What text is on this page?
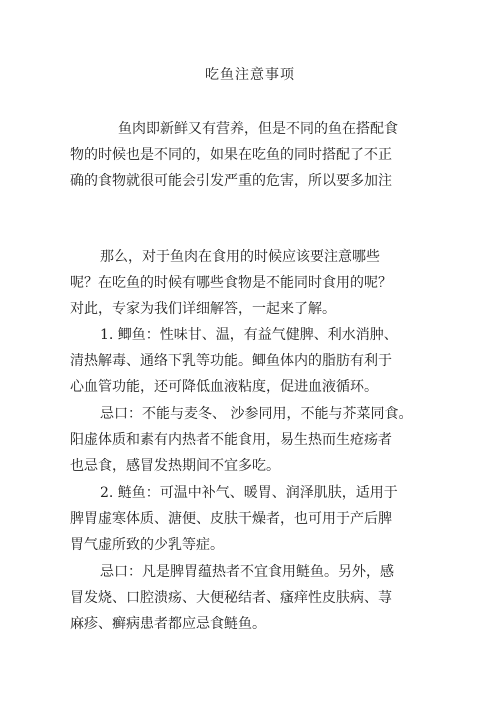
吃鱼注意事项
鱼肉即新鲜又有营养，但是不同的鱼在搭配食
物的时候也是不同的，如果在吃鱼的同时搭配了不正
确的食物就很可能会引发严重的危害，所以要多加注
那么，对于鱼肉在食用的时候应该要注意哪些
呢？在吃鱼的时候有哪些食物是不能同时食用的呢？
对此，专家为我们详细解答，一起来了解。
1. 鲫鱼：性味甘、温，有益气健脾、利水消肿、
清热解毒、通络下乳等功能。鲫鱼体内的脂肪有利于
心血管功能，还可降低血液粘度，促进血液循环。
忌口：不能与麦冬、 沙参同用，不能与芥菜同食。
阳虚体质和素有内热者不能食用，易生热而生疮疡者
也忌食，感冒发热期间不宜多吃。
2. 鲢鱼：可温中补气、暖胃、润泽肌肤，适用于
脾胃虚寒体质、溏便、皮肤干燥者，也可用于产后脾
胃气虚所致的少乳等症。
忌口：凡是脾胃蕴热者不宜食用鲢鱼。另外，感
冒发烧、口腔溃疡、大便秘结者、瘙痒性皮肤病、荨
麻疹、癣病患者都应忌食鲢鱼。
